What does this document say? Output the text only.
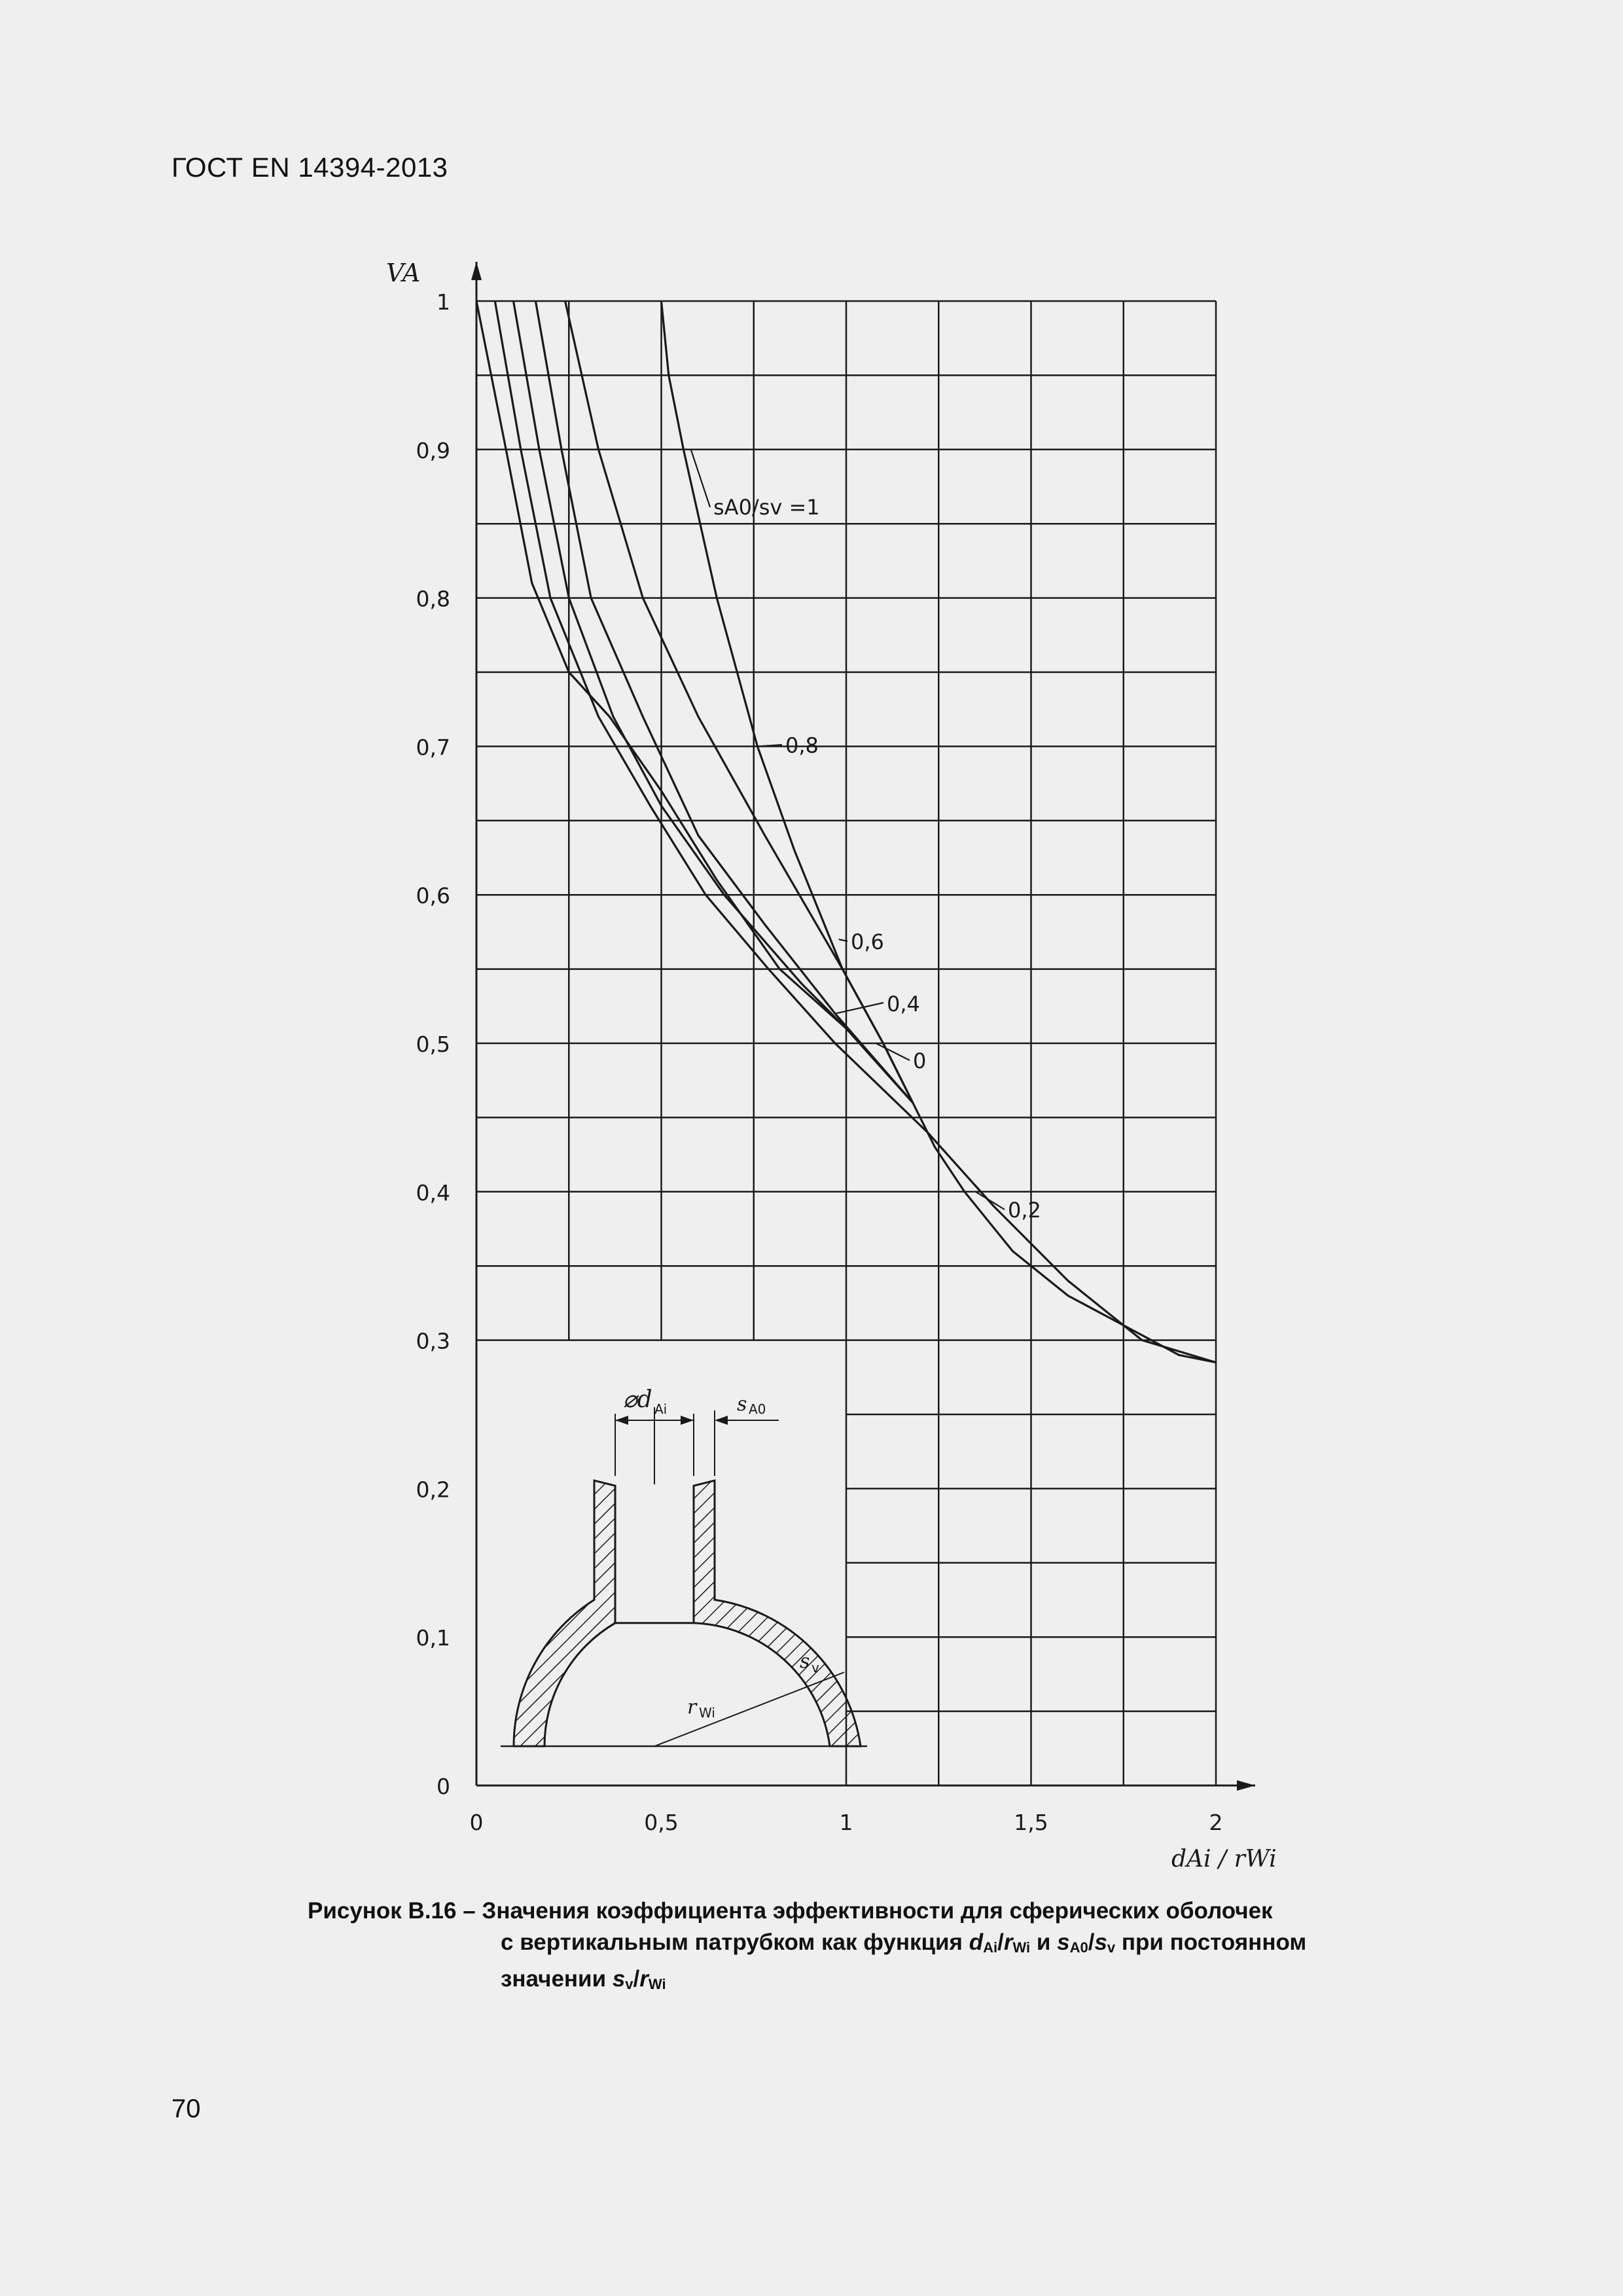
ГОСТ EN 14394-2013
0
0,1
0,2
0,3
0,4
0,5
0,6
0,7
0,8
0,9
1
0	0,5	1	1,5	2
VA
dAi / rWi
sA0/sv =1
0,8
0,6
0,4
0,2
0
⌀d Ai	s A0
s v
r Wi
Рисунок В.16 – Значения коэффициента эффективности для сферических оболочек
с вертикальным патрубком как функция $d_{Ai}/r_{Wi}$ и $s_{A0}/s_v$ при постоянном
значении $s_v/r_{Wi}$
70
